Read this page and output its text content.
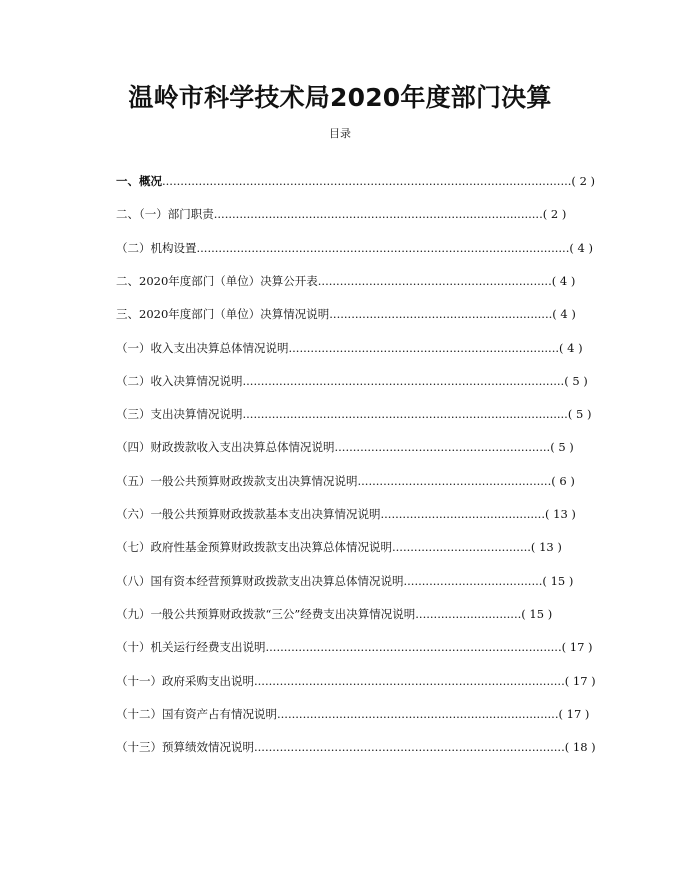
温岭市科学技术局2020年度部门决算
目录
一、概况................................................................................................................( 2 )
二、（一）部门职责..........................................................................................( 2 )
（二）机构设置......................................................................................................( 4 )
二、2020年度部门（单位）决算公开表................................................................( 4 )
三、2020年度部门（单位）决算情况说明.............................................................( 4 )
（一）收入支出决算总体情况说明..........................................................................( 4 )
（二）收入决算情况说明........................................................................................( 5 )
（三）支出决算情况说明.........................................................................................( 5 )
（四）财政拨款收入支出决算总体情况说明...........................................................( 5 )
（五）一般公共预算财政拨款支出决算情况说明.....................................................( 6 )
（六）一般公共预算财政拨款基本支出决算情况说明.............................................( 13 )
（七）政府性基金预算财政拨款支出决算总体情况说明......................................( 13 )
（八）国有资本经营预算财政拨款支出决算总体情况说明......................................( 15 )
（九）一般公共预算财政拨款“三公”经费支出决算情况说明.............................( 15 )
（十）机关运行经费支出说明.................................................................................( 17 )
（十一）政府采购支出说明.....................................................................................( 17 )
（十二）国有资产占有情况说明.............................................................................( 17 )
（十三）预算绩效情况说明.....................................................................................( 18 )
